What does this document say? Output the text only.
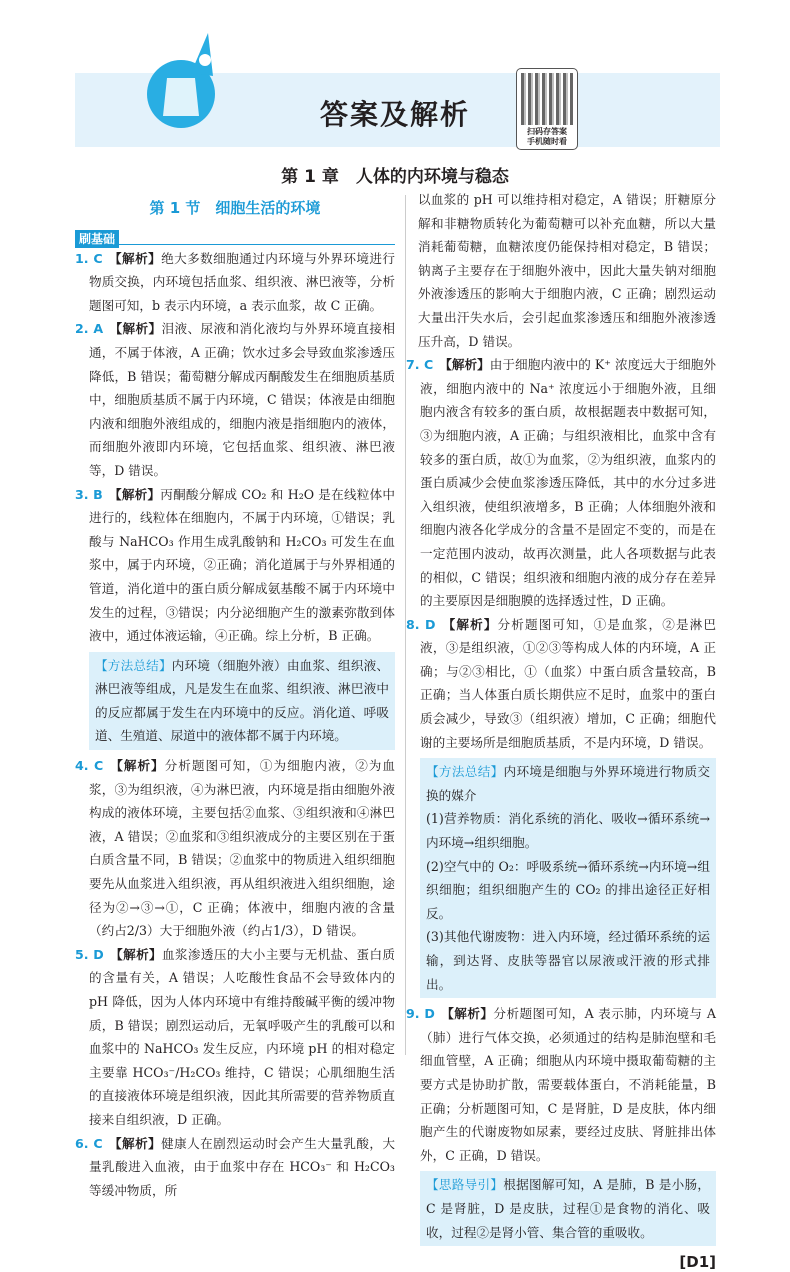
答案及解析
扫码存答案
手机随时看
第 1 章　人体的内环境与稳态
第 1 节　细胞生活的环境
刷基础

1. C 【解析】绝大多数细胞通过内环境与外界环境进行物质交换，内环境包括血浆、组织液、淋巴液等，分析题图可知，b 表示内环境，a 表示血浆，故 C 正确。

2. A 【解析】泪液、尿液和消化液均与外界环境直接相通，不属于体液，A 正确；饮水过多会导致血浆渗透压降低，B 错误；葡萄糖分解成丙酮酸发生在细胞质基质中，细胞质基质不属于内环境，C 错误；体液是由细胞内液和细胞外液组成的，细胞内液是指细胞内的液体，而细胞外液即内环境，它包括血浆、组织液、淋巴液等，D 错误。

3. B 【解析】丙酮酸分解成 CO₂ 和 H₂O 是在线粒体中进行的，线粒体在细胞内，不属于内环境，①错误；乳酸与 NaHCO₃ 作用生成乳酸钠和 H₂CO₃ 可发生在血浆中，属于内环境，②正确；消化道属于与外界相通的管道，消化道中的蛋白质分解成氨基酸不属于内环境中发生的过程，③错误；内分泌细胞产生的激素弥散到体液中，通过体液运输，④正确。综上分析，B 正确。

【方法总结】内环境（细胞外液）由血浆、组织液、淋巴液等组成，凡是发生在血浆、组织液、淋巴液中的反应都属于发生在内环境中的反应。消化道、呼吸道、生殖道、尿道中的液体都不属于内环境。

4. C 【解析】分析题图可知，①为细胞内液，②为血浆，③为组织液，④为淋巴液，内环境是指由细胞外液构成的液体环境，主要包括②血浆、③组织液和④淋巴液，A 错误；②血浆和③组织液成分的主要区别在于蛋白质含量不同，B 错误；②血浆中的物质进入组织细胞要先从血浆进入组织液，再从组织液进入组织细胞，途径为②→③→①，C 正确；体液中，细胞内液的含量（约占2/3）大于细胞外液（约占1/3），D 错误。

5. D 【解析】血浆渗透压的大小主要与无机盐、蛋白质的含量有关，A 错误；人吃酸性食品不会导致体内的 pH 降低，因为人体内环境中有维持酸碱平衡的缓冲物质，B 错误；剧烈运动后，无氧呼吸产生的乳酸可以和血浆中的 NaHCO₃ 发生反应，内环境 pH 的相对稳定主要靠 HCO₃⁻/H₂CO₃ 维持，C 错误；心肌细胞生活的直接液体环境是组织液，因此其所需要的营养物质直接来自组织液，D 正确。

6. C 【解析】健康人在剧烈运动时会产生大量乳酸，大量乳酸进入血液，由于血浆中存在 HCO₃⁻ 和 H₂CO₃ 等缓冲物质，所

以血浆的 pH 可以维持相对稳定，A 错误；肝糖原分解和非糖物质转化为葡萄糖可以补充血糖，所以大量消耗葡萄糖，血糖浓度仍能保持相对稳定，B 错误；钠离子主要存在于细胞外液中，因此大量失钠对细胞外液渗透压的影响大于细胞内液，C 正确；剧烈运动大量出汗失水后，会引起血浆渗透压和细胞外液渗透压升高，D 错误。

7. C 【解析】由于细胞内液中的 K⁺ 浓度远大于细胞外液，细胞内液中的 Na⁺ 浓度远小于细胞外液，且细胞内液含有较多的蛋白质，故根据题表中数据可知，③为细胞内液，A 正确；与组织液相比，血浆中含有较多的蛋白质，故①为血浆，②为组织液，血浆内的蛋白质减少会使血浆渗透压降低，其中的水分过多进入组织液，使组织液增多，B 正确；人体细胞外液和细胞内液各化学成分的含量不是固定不变的，而是在一定范围内波动，故再次测量，此人各项数据与此表的相似，C 错误；组织液和细胞内液的成分存在差异的主要原因是细胞膜的选择透过性，D 正确。

8. D 【解析】分析题图可知，①是血浆，②是淋巴液，③是组织液，①②③等构成人体的内环境，A 正确；与②③相比，①（血浆）中蛋白质含量较高，B 正确；当人体蛋白质长期供应不足时，血浆中的蛋白质会减少，导致③（组织液）增加，C 正确；细胞代谢的主要场所是细胞质基质，不是内环境，D 错误。

【方法总结】内环境是细胞与外界环境进行物质交换的媒介

(1)营养物质：消化系统的消化、吸收→循环系统→内环境→组织细胞。

(2)空气中的 O₂：呼吸系统→循环系统→内环境→组织细胞；组织细胞产生的 CO₂ 的排出途径正好相反。

(3)其他代谢废物：进入内环境，经过循环系统的运输，到达肾、皮肤等器官以尿液或汗液的形式排出。

9. D 【解析】分析题图可知，A 表示肺，内环境与 A（肺）进行气体交换，必须通过的结构是肺泡壁和毛细血管壁，A 正确；细胞从内环境中摄取葡萄糖的主要方式是协助扩散，需要载体蛋白，不消耗能量，B 正确；分析题图可知，C 是肾脏，D 是皮肤，体内细胞产生的代谢废物如尿素，要经过皮肤、肾脏排出体外，C 正确，D 错误。

【思路导引】根据图解可知，A 是肺，B 是小肠，C 是肾脏，D 是皮肤，过程①是食物的消化、吸收，过程②是肾小管、集合管的重吸收。
[D1]
